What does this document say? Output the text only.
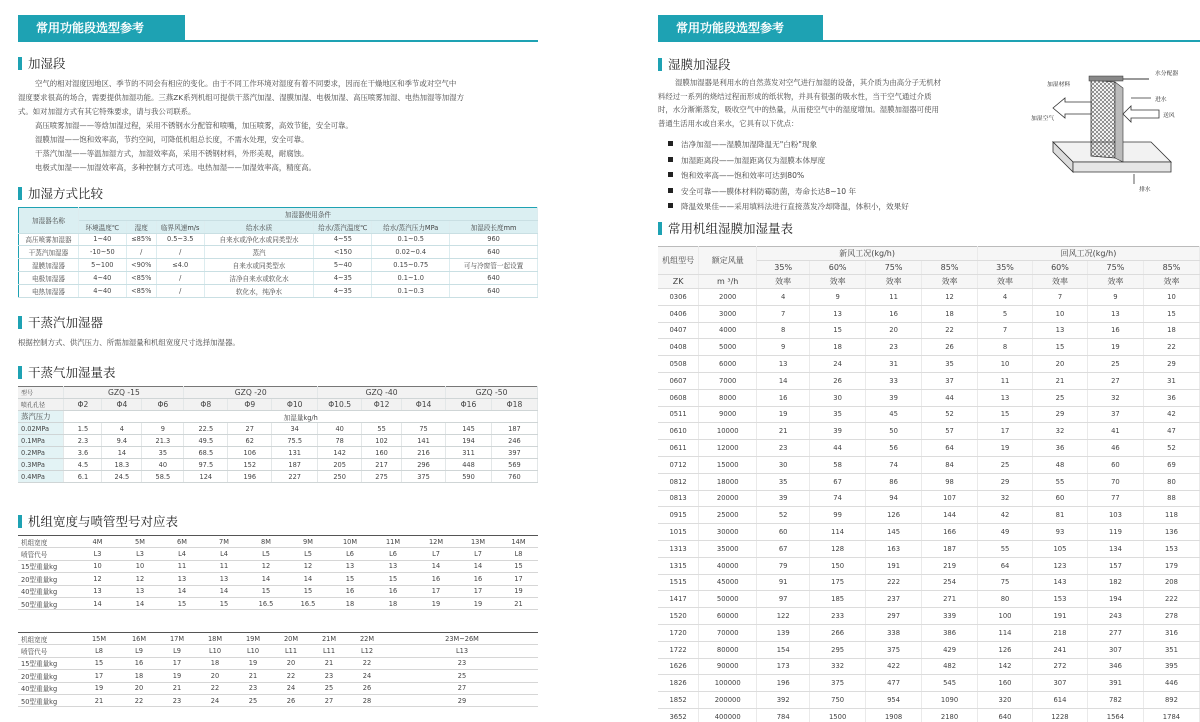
常用功能段选型参考
加湿段

空气的相对湿度因地区、季节的不同会有相应的变化。由于不同工作环境对湿度有着不同要求，因而在干燥地区和季节或对空气中

湿度要求很高的场合，需要提供加湿功能。三燕ZK系列机组可提供干蒸汽加湿、湿膜加湿、电极加湿、高压喷雾加湿、电热加湿等加湿方

式。如对加湿方式有其它特殊要求，请与我公司联系。

高压喷雾加湿——等焓加湿过程，采用不锈钢水分配管和喷嘴，加压喷雾，高效节能，安全可靠。

湿膜加湿——饱和效率高，节约空间，可降低机组总长度，不需水处理，安全可靠。

干蒸汽加湿——等温加湿方式，加湿效率高，采用不锈钢材料，外形美观，耐腐蚀。

电极式加湿——加湿效率高，多种控制方式可选。电热加湿——加湿效率高，精度高。

加湿方式比较
加湿器名称	加湿器使用条件						
	环境温度℃	湿度	临界风速m/s	给水水质	给水/蒸汽温度℃	给水/蒸汽压力MPa	加湿段长度mm
高压喷雾加湿器	1~40	≤85%	0.5~3.5	自来水或净化水或同类型水	4~55	0.1~0.5	960
干蒸汽加湿器	-10~50	/	/	蒸汽	<150	0.02~0.4	640
湿膜加湿器	5~100	<90%	≤4.0	自来水或同类型水	5~40	0.15~0.75	可与冷窗管一起设置
电极加湿器	4~40	<85%	/	洁净自来水或软化水	4~35	0.1~1.0	640
电热加湿器	4~40	<85%	/	软化水，纯净水	4~35	0.1~0.3	640
干蒸汽加湿器
根据控制方式、供汽压力、所需加湿量和机组宽度尺寸选择加湿器。
干蒸气加湿量表
型号	GZQ -15			GZQ -20			GZQ -40			GZQ -50	
喷孔孔径	Φ2	Φ4	Φ6	Φ8	Φ9	Φ10	Φ10.5	Φ12	Φ14	Φ16	Φ18
蒸汽压力	加湿量kg/h										
0.02MPa	1.5	4	9	22.5	27	34	40	55	75	145	187
0.1MPa	2.3	9.4	21.3	49.5	62	75.5	78	102	141	194	246
0.2MPa	3.6	14	35	68.5	106	131	142	160	216	311	397
0.3MPa	4.5	18.3	40	97.5	152	187	205	217	296	448	569
0.4MPa	6.1	24.5	58.5	124	196	227	250	275	375	590	760
机组宽度与喷管型号对应表
机组宽度	4M	5M	6M	7M	8M	9M	10M	11M	12M	13M	14M
喷管代号	L3	L3	L4	L4	L5	L5	L6	L6	L7	L7	L8
15型重量kg	10	10	11	11	12	12	13	13	14	14	15
20型重量kg	12	12	13	13	14	14	15	15	16	16	17
40型重量kg	13	13	14	14	15	15	16	16	17	17	19
50型重量kg	14	14	15	15	16.5	16.5	18	18	19	19	21
机组宽度	15M	16M	17M	18M	19M	20M	21M	22M	23M~26M
喷管代号	L8	L9	L9	L10	L10	L11	L11	L12	L13
15型重量kg	15	16	17	18	19	20	21	22	23
20型重量kg	17	18	19	20	21	22	23	24	25
40型重量kg	19	20	21	22	23	24	25	26	27
50型重量kg	21	22	23	24	25	26	27	28	29
常用功能段选型参考
湿膜加湿段

湿膜加湿器是利用水的自然蒸发对空气进行加湿的设备，其介质为由高分子无机材

料经过一系列的烧结过程而形成的纸状物，并具有很强的吸水性，当干空气通过介质

时，水分渐渐蒸发，吸收空气中的热量，从而使空气中的湿度增加。湿膜加湿器可使用

普通生活用水或自来水，它具有以下优点：

洁净加湿——湿膜加湿降温无"白粉"现象
加湿距离段——加湿距离仅为湿膜本体厚度
饱和效率高——饱和效率可达到80%
安全可靠——膜体材料防霉防菌，寿命长达8~10 年
降温效果佳——采用填料法进行直接蒸发冷却降温，体积小，效果好
加湿材料
水分配器
进水
加湿空气	送风
排水
常用机组湿膜加湿量表
机组型号	额定风量	新风工况(kg/h)				回风工况(kg/h)			
		35%	60%	75%	85%	35%	60%	75%	85%
ZK	m ³/h	效率	效率	效率	效率	效率	效率	效率	效率
0306	2000	4	9	11	12	4	7	9	10
0406	3000	7	13	16	18	5	10	13	15
0407	4000	8	15	20	22	7	13	16	18
0408	5000	9	18	23	26	8	15	19	22
0508	6000	13	24	31	35	10	20	25	29
0607	7000	14	26	33	37	11	21	27	31
0608	8000	16	30	39	44	13	25	32	36
0511	9000	19	35	45	52	15	29	37	42
0610	10000	21	39	50	57	17	32	41	47
0611	12000	23	44	56	64	19	36	46	52
0712	15000	30	58	74	84	25	48	60	69
0812	18000	35	67	86	98	29	55	70	80
0813	20000	39	74	94	107	32	60	77	88
0915	25000	52	99	126	144	42	81	103	118
1015	30000	60	114	145	166	49	93	119	136
1313	35000	67	128	163	187	55	105	134	153
1315	40000	79	150	191	219	64	123	157	179
1515	45000	91	175	222	254	75	143	182	208
1417	50000	97	185	237	271	80	153	194	222
1520	60000	122	233	297	339	100	191	243	278
1720	70000	139	266	338	386	114	218	277	316
1722	80000	154	295	375	429	126	241	307	351
1626	90000	173	332	422	482	142	272	346	395
1826	100000	196	375	477	545	160	307	391	446
1852	200000	392	750	954	1090	320	614	782	892
3652	400000	784	1500	1908	2180	640	1228	1564	1784
